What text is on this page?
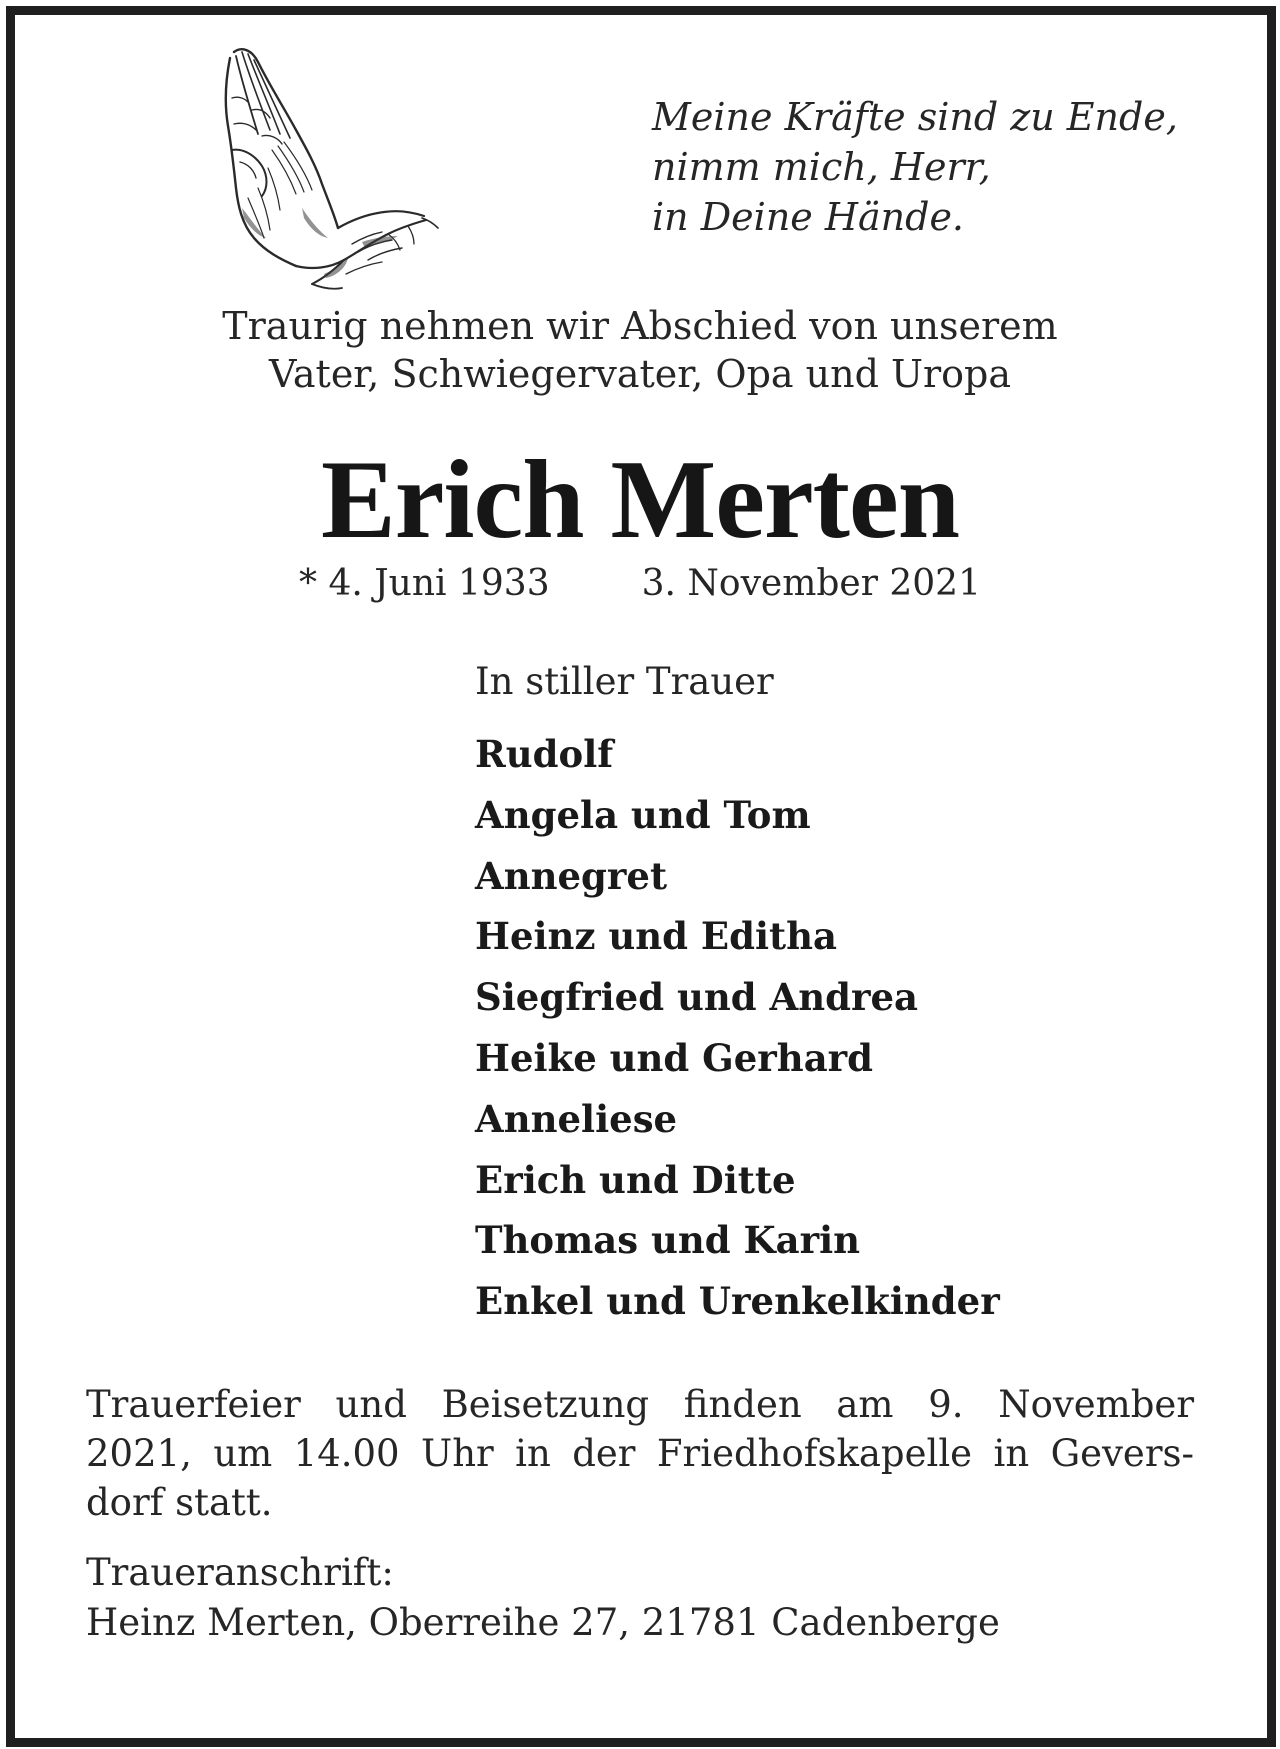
Meine Kräfte sind zu Ende,
nimm mich, Herr,
in Deine Hände.
Traurig nehmen wir Abschied von unserem
Vater, Schwiegervater, Opa und Uropa
Erich Merten
* 4. Juni 1933	3. November 2021
In stiller Trauer
Rudolf
Angela und Tom
Annegret
Heinz und Editha
Siegfried und Andrea
Heike und Gerhard
Anneliese
Erich und Ditte
Thomas und Karin
Enkel und Urenkelkinder
Trauerfeier und Beisetzung finden am 9. November
2021, um 14.00 Uhr in der Friedhofskapelle in Gevers-
dorf statt.
Traueranschrift:
Heinz Merten, Oberreihe 27, 21781 Cadenberge
